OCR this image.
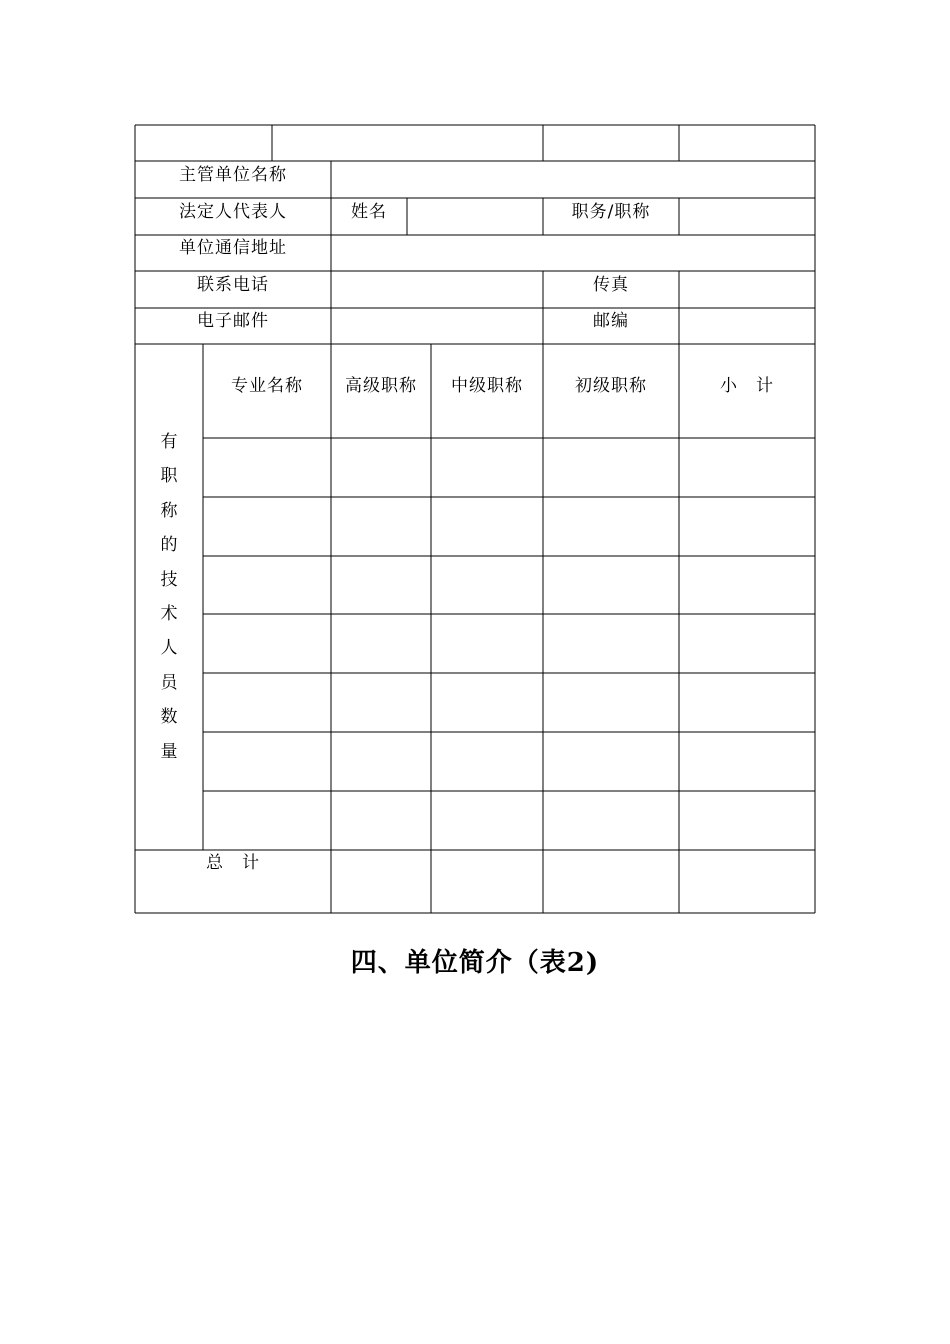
主管单位名称
法定人代表人	姓名	职务/职称
单位通信地址
联系电话	传真
电子邮件	邮编
有
职
称
的
技
术
人
员
数
量
专业名称 高级职称 中级职称	初级职称	小　计
总　计
四、单位简介（表2)
